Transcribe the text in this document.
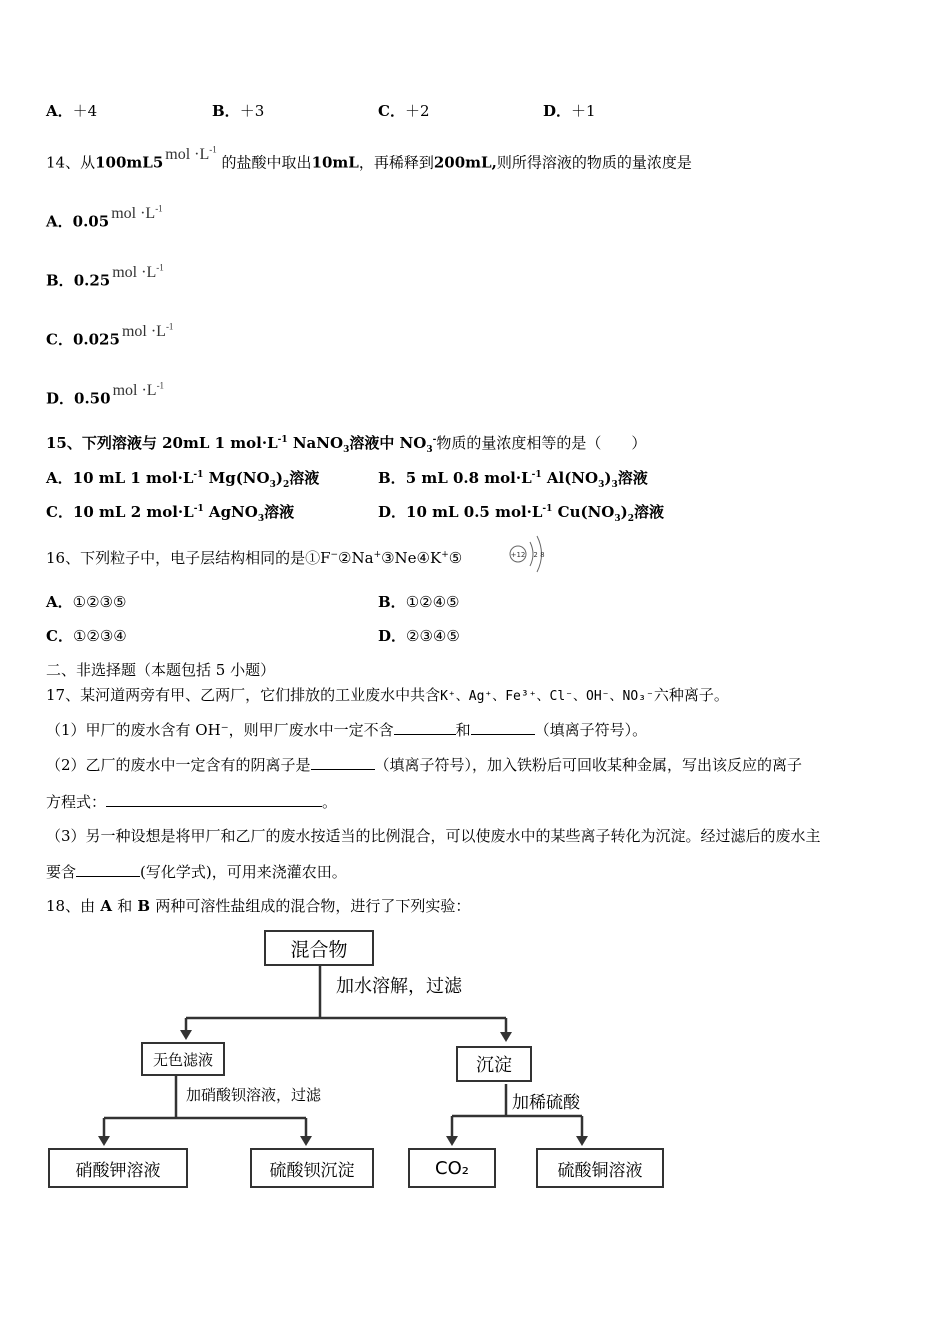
A．＋4	B．＋3	C．＋2	D．＋1
14、从100mL5 mol $\cdot L^{-1}$ 的盐酸中取出10mL，再稀释到200mL,则所得溶液的物质的量浓度是
A．0.05 mol $\cdot L^{-1}$
B．0.25 mol $\cdot L^{-1}$
C．0.025 mol $\cdot L^{-1}$
D．0.50 mol $\cdot L^{-1}$
15、下列溶液与 20mL 1 $mol\cdot L^{-1}$ NaNO$_3$溶液中 $NO_3^-$物质的量浓度相等的是（　　）
A．10 mL 1 $mol\cdot L^{-1}$ $Mg(NO_3)_2$溶液	B．5 mL 0.8 $mol\cdot L^{-1}$ $Al(NO_3)_3$溶液
C．10 mL 2 $mol\cdot L^{-1}$ AgNO$_3$溶液	D．10 mL 0.5 $mol\cdot L^{-1}$ $Cu(NO_3)_2$溶液
16、下列粒子中，电子层结构相同的是①F−②Na+③Ne④K+⑤	+12 2 8
A．①②③⑤	B．①②④⑤
C．①②③④	D．②③④⑤
二、非选择题（本题包括 5 小题）
17、某河道两旁有甲、乙两厂，它们排放的工业废水中共含K⁺、Ag⁺、Fe³⁺、Cl⁻、OH⁻、NO₃⁻六种离子。
（1）甲厂的废水含有 OH⁻，则甲厂废水中一定不含	和	（填离子符号）。
（2）乙厂的废水中一定含有的阴离子是	（填离子符号），加入铁粉后可回收某种金属，写出该反应的离子
方程式：	。
（3）另一种设想是将甲厂和乙厂的废水按适当的比例混合，可以使废水中的某些离子转化为沉淀。经过滤后的废水主
要含	(写化学式)，可用来浇灌农田。
18、由 A 和 B 两种可溶性盐组成的混合物，进行了下列实验：
混合物
加水溶解，过滤
无色滤液	沉淀
加硝酸钡溶液，过滤	加稀硫酸
硝酸钾溶液	硫酸钡沉淀	CO₂	硫酸铜溶液
